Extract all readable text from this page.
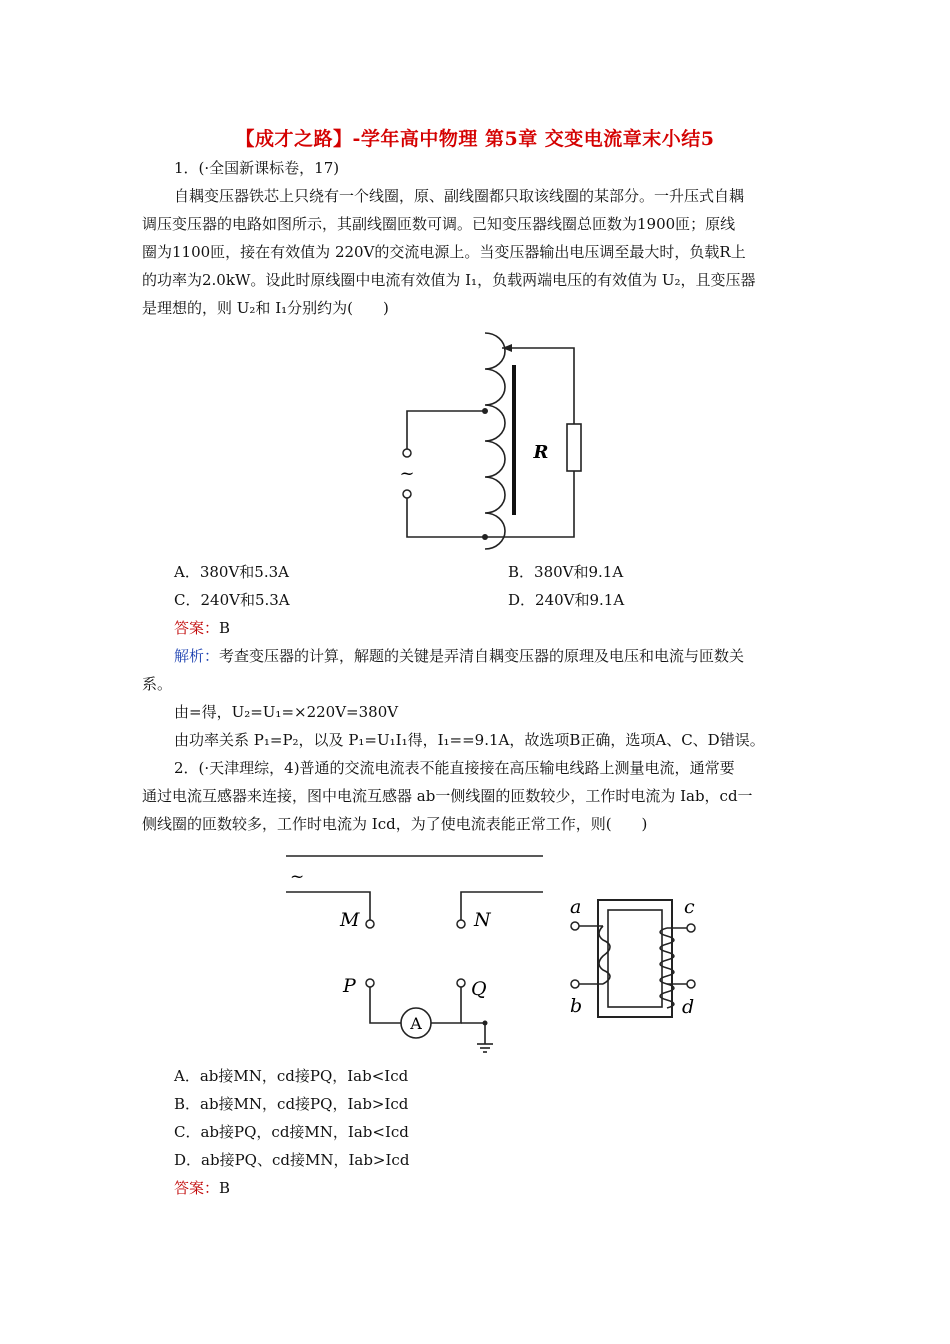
【成才之路】-学年高中物理 第5章 交变电流章末小结5
1．(·全国新课标卷，17)
自耦变压器铁芯上只绕有一个线圈，原、副线圈都只取该线圈的某部分。一升压式自耦
调压变压器的电路如图所示，其副线圈匝数可调。已知变压器线圈总匝数为1900匝；原线
圈为1100匝，接在有效值为 220V的交流电源上。当变压器输出电压调至最大时，负载R上
的功率为2.0kW。设此时原线圈中电流有效值为 I₁，负载两端电压的有效值为 U₂，且变压器
是理想的，则 U₂和 I₁分别约为(　　)
~
R
A．380V和5.3A	B．380V和9.1A
C．240V和5.3A	D．240V和9.1A
答案：B
解析：考查变压器的计算，解题的关键是弄清自耦变压器的原理及电压和电流与匝数关
系。
由=得，U₂=U₁=×220V=380V
由功率关系 P₁=P₂，以及 P₁=U₁I₁得，I₁==9.1A，故选项B正确，选项A、C、D错误。
2．(·天津理综，4)普通的交流电流表不能直接接在高压输电线路上测量电流，通常要
通过电流互感器来连接，图中电流互感器 ab一侧线圈的匝数较少，工作时电流为 Iab，cd一
侧线圈的匝数较多，工作时电流为 Icd，为了使电流表能正常工作，则(　　)
~
M	N
P	Q
a
b
c
d
A
A．ab接MN，cd接PQ，Iab<Icd
B．ab接MN，cd接PQ，Iab>Icd
C．ab接PQ，cd接MN，Iab<Icd
D．ab接PQ、cd接MN，Iab>Icd
答案：B
